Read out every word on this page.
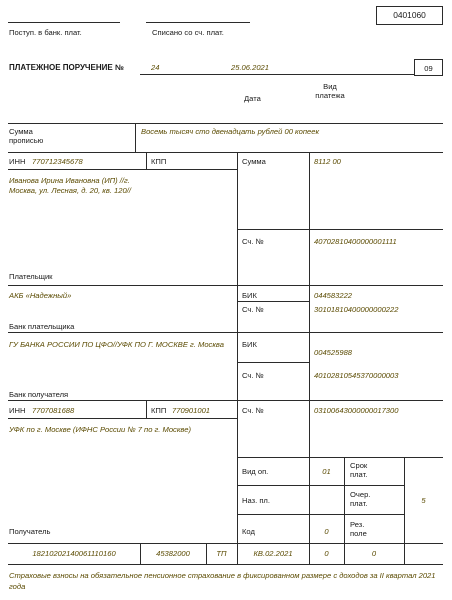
0401060
Поступ. в банк. плат.	Списано со сч. плат.
ПЛАТЕЖНОЕ ПОРУЧЕНИЕ №	24	25.06.2021
Дата
Вид
платежа
09
Сумма
прописью
Восемь тысяч сто двенадцать рублей 00 копеек
ИНН 770712345678	КПП
Иванова Ирина Ивановна (ИП) //г. Москва, ул. Лесная, д. 20, кв. 120//
Плательщик
Сумма	8112 00
Сч. №	40702810400000001111
АКБ «Надежный»
Банк плательщика
БИК	044583222
Сч. №	30101810400000000222
ГУ БАНКА РОССИИ ПО ЦФО//УФК ПО Г. МОСКВЕ г. Москва
Банк получателя
БИК
004525988
Сч. №	40102810545370000003
ИНН 7707081688	КПП 770901001
УФК по г. Москве (ИФНС России № 7 по г. Москве)
Получатель
Сч. №	03100643000000017300
Вид оп.	01
Наз. пл.
Код	0
Срок
плат.
Очер.
плат.	5
Рез.
поле
18210202140061110160	45382000	ТП	КВ.02.2021	0	0
Страховые взносы на обязательное пенсионное страхование в фиксированном размере с доходов за II квартал 2021 года
